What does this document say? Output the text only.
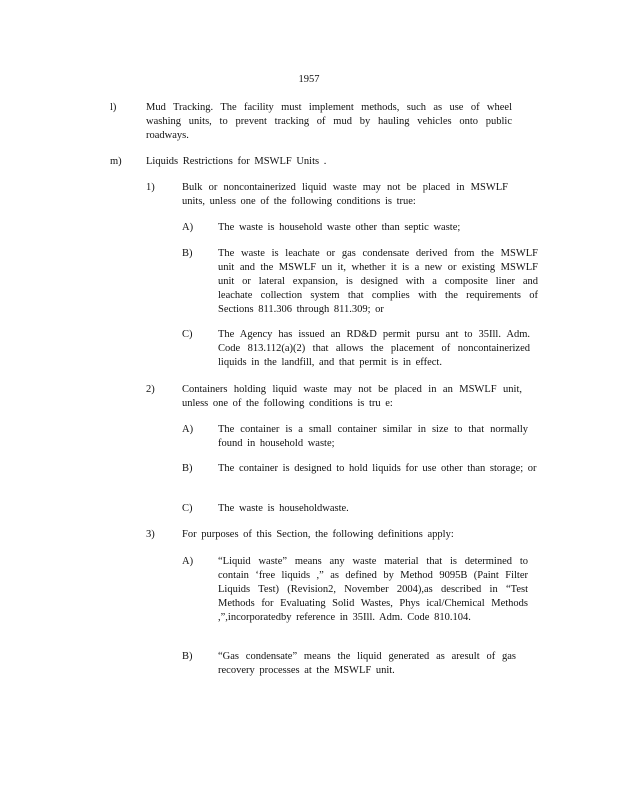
1957
l)	Mud Tracking. The facility must implement methods, such as use of wheel washing units, to prevent tracking of mud by hauling vehicles onto public roadways.
m) Liquids Restrictions for MSWLF Units .
1)	Bulk or noncontainerized liquid waste may not be placed in MSWLF units, unless one of the following conditions is true:
A) The waste is household waste other than septic waste;
B) The waste is leachate or gas condensate derived from the MSWLF unit and the MSWLF un it, whether it is a new or existing MSWLF unit or lateral expansion, is designed with a composite liner and leachate collection system that complies with the requirements of Sections 811.306 through 811.309; or
C) The Agency has issued an RD&D permit pursu ant to 35Ill. Adm. Code 813.112(a)(2) that allows the placement of noncontainerized liquids in the landfill, and that permit is in effect.
2)	Containers holding liquid waste may not be placed in an MSWLF unit, unless one of the following conditions is tru e:
A) The container is a small container similar in size to that normally found in household waste;
B) The container is designed to hold liquids for use other than storage; or
C) The waste is householdwaste.
3)	For purposes of this Section, the following definitions apply:
A) “Liquid waste” means any waste material that is determined to contain ‘free liquids ,” as defined by Method 9095B (Paint Filter Liquids Test) (Revision2, November 2004),as described in “Test Methods for Evaluating Solid Wastes, Phys ical/Chemical Methods ,”,incorporatedby reference in 35Ill. Adm. Code 810.104.
B) “Gas condensate” means the liquid generated as aresult of gas recovery processes at the MSWLF unit.
